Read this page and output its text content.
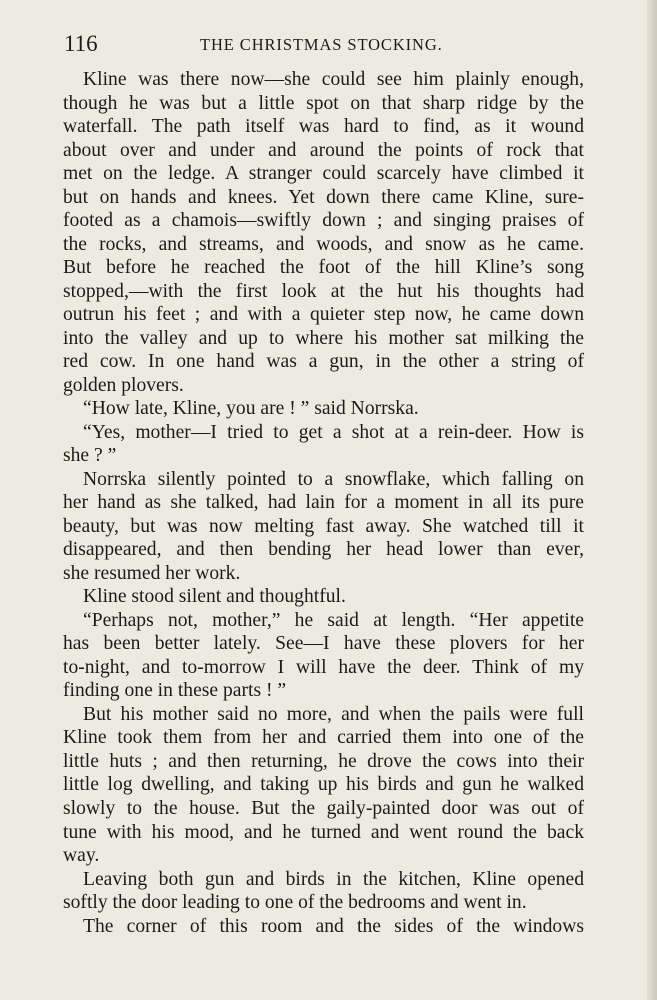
116	THE CHRISTMAS STOCKING.
Kline was there now—she could see him plainly enough,
though he was but a little spot on that sharp ridge by the
waterfall. The path itself was hard to find, as it wound
about over and under and around the points of rock that
met on the ledge. A stranger could scarcely have climbed it
but on hands and knees. Yet down there came Kline, sure-
footed as a chamois—swiftly down ; and singing praises of
the rocks, and streams, and woods, and snow as he came.
But before he reached the foot of the hill Kline’s song
stopped,—with the first look at the hut his thoughts had
outrun his feet ; and with a quieter step now, he came down
into the valley and up to where his mother sat milking the
red cow. In one hand was a gun, in the other a string of
golden plovers.
“How late, Kline, you are ! ” said Norrska.
“Yes, mother—I tried to get a shot at a rein-deer. How is
she ? ”
Norrska silently pointed to a snowflake, which falling on
her hand as she talked, had lain for a moment in all its pure
beauty, but was now melting fast away. She watched till it
disappeared, and then bending her head lower than ever,
she resumed her work.
Kline stood silent and thoughtful.
“Perhaps not, mother,” he said at length. “Her appetite
has been better lately. See—I have these plovers for her
to-night, and to-morrow I will have the deer. Think of my
finding one in these parts ! ”
But his mother said no more, and when the pails were full
Kline took them from her and carried them into one of the
little huts ; and then returning, he drove the cows into their
little log dwelling, and taking up his birds and gun he walked
slowly to the house. But the gaily-painted door was out of
tune with his mood, and he turned and went round the back
way.
Leaving both gun and birds in the kitchen, Kline opened
softly the door leading to one of the bedrooms and went in.
The corner of this room and the sides of the windows
